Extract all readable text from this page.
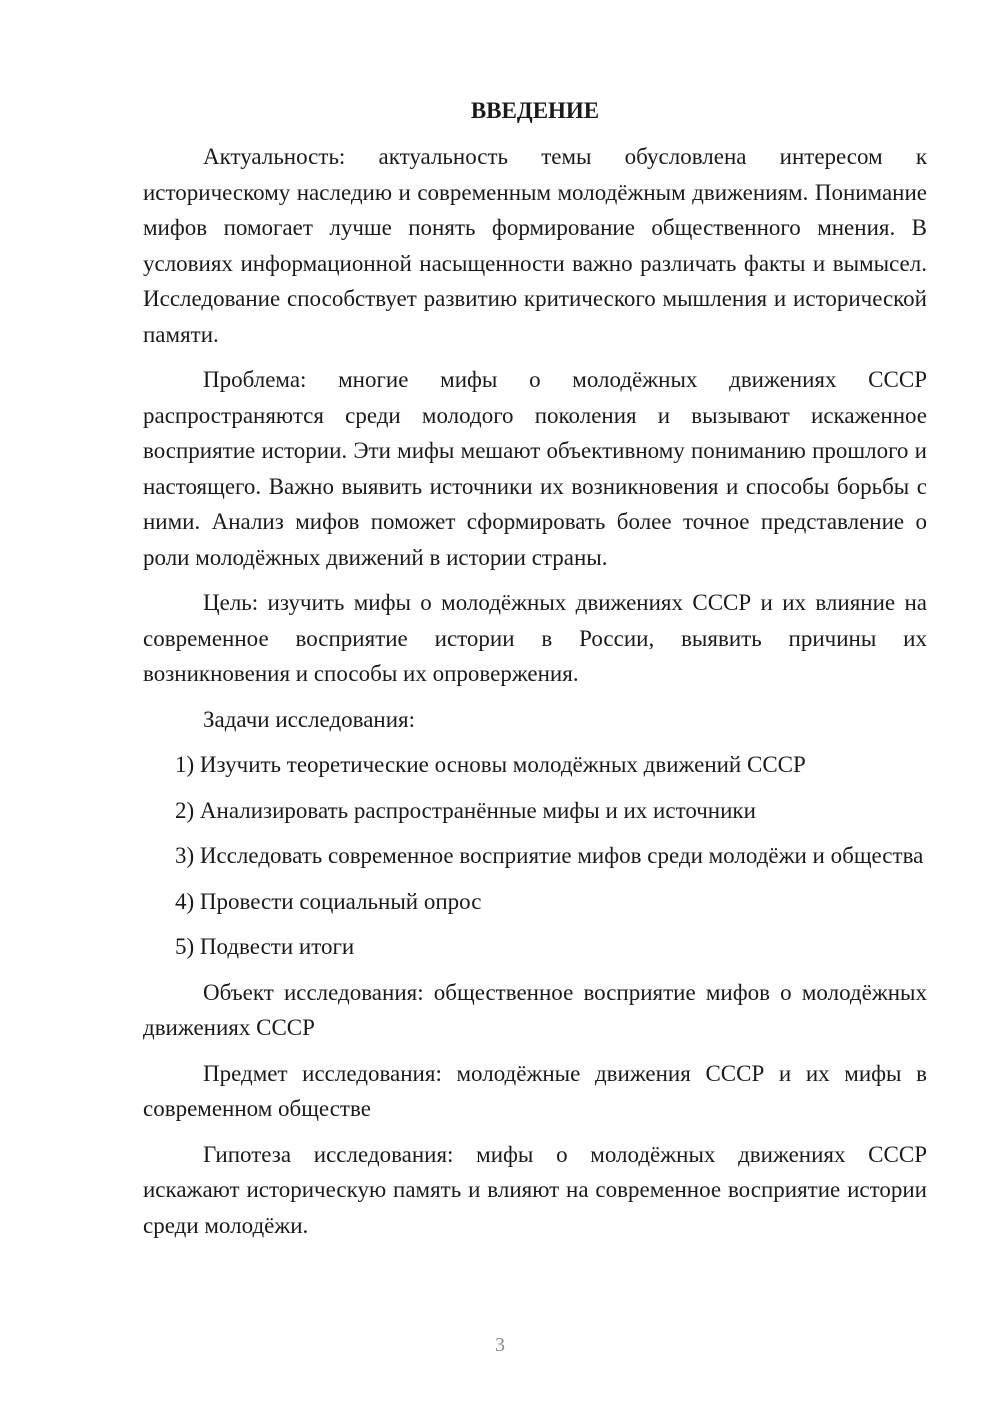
ВВЕДЕНИЕ

Актуальность: актуальность темы обусловлена интересом к историческому наследию и современным молодёжным движениям. Понимание мифов помогает лучше понять формирование общественного мнения. В условиях информационной насыщенности важно различать факты и вымысел. Исследование способствует развитию критического мышления и исторической памяти.

Проблема: многие мифы о молодёжных движениях СССР распространяются среди молодого поколения и вызывают искаженное восприятие истории. Эти мифы мешают объективному пониманию прошлого и настоящего. Важно выявить источники их возникновения и способы борьбы с ними. Анализ мифов поможет сформировать более точное представление о роли молодёжных движений в истории страны.

Цель: изучить мифы о молодёжных движениях СССР и их влияние на современное восприятие истории в России, выявить причины их возникновения и способы их опровержения.

Задачи исследования:

1) Изучить теоретические основы молодёжных движений СССР

2) Анализировать распространённые мифы и их источники

3) Исследовать современное восприятие мифов среди молодёжи и общества

4) Провести социальный опрос

5) Подвести итоги

Объект исследования: общественное восприятие мифов о молодёжных движениях СССР

Предмет исследования: молодёжные движения СССР и их мифы в современном обществе

Гипотеза исследования: мифы о молодёжных движениях СССР искажают историческую память и влияют на современное восприятие истории среди молодёжи.

3
